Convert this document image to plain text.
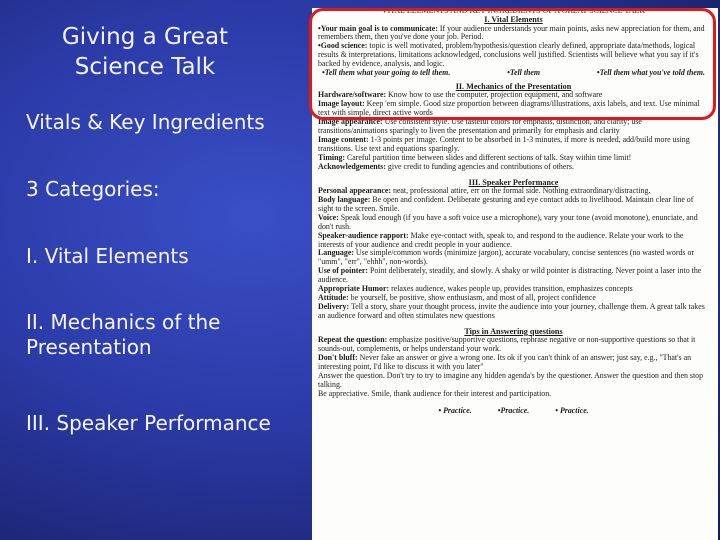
Giving a Great
Science Talk
Vitals & Key Ingredients
3 Categories:
I. Vital Elements
II. Mechanics of the
Presentation
III. Speaker Performance
VITAL ELEMENTS AND KEY INGREDIENTS OF A GREAT SCIENCE TALK
I. Vital Elements

•Your main goal is to communicate: If your audience understands your main points, asks new appreciation for them, and remembers them, then you've done your job. Period.

•Good science: topic is well motivated, problem/hypothesis/question clearly defined, appropriate data/methods, logical results & interpretations, limitations acknowledged, conclusions well justified. Scientists will believe what you say if it's backed by evidence, analysis, and logic.

•Tell them what your going to tell them.	•Tell them	•Tell them what you've told them.
II. Mechanics of the Presentation

Hardware/software: Know how to use the computer, projection equipment, and software

Image layout: Keep 'em simple. Good size proportion between diagrams/illustrations, axis labels, and text. Use minimal text with simple, direct active words

Image appearance: Use consistent style. Use tasteful colors for emphasis, distinction, and clarity; use transitions/animations sparingly to liven the presentation and primarily for emphasis and clarity

Image content: 1-3 points per image. Content to be absorbed in 1-3 minutes, if more is needed, add/build more using transitions. Use text and equations sparingly.

Timing: Careful partition time between slides and different sections of talk. Stay within time limit!

Acknowledgements: give credit to funding agencies and contributions of others.

III. Speaker Performance

Personal appearance: neat, professional attire, err on the formal side. Nothing extraordinary/distracting.

Body language: Be open and confident. Deliberate gesturing and eye contact adds to livelihood. Maintain clear line of sight to the screen. Smile.

Voice: Speak loud enough (if you have a soft voice use a microphone), vary your tone (avoid monotone), enunciate, and don't rush.

Speaker-audience rapport: Make eye-contact with, speak to, and respond to the audience. Relate your work to the interests of your audience and credit people in your audience.

Language: Use simple/common words (minimize jargon), accurate vocabulary, concise sentences (no wasted words or "umm", "err", "ehhh", non-words).

Use of pointer: Point deliberately, steadily, and slowly. A shaky or wild pointer is distracting. Never point a laser into the audience.

Appropriate Humor: relaxes audience, wakes people up, provides transition, emphasizes concepts

Attitude: be yourself, be positive, show enthusiasm, and most of all, project confidence

Delivery: Tell a story, share your thought process, invite the audience into your journey, challenge them. A great talk takes an audience forward and often stimulates new questions

Tips in Answering questions

Repeat the question: emphasize positive/supportive questions, rephrase negative or non-supportive questions so that it sounds-out, complements, or helps understand your work.

Don't bluff: Never fake an answer or give a wrong one. Its ok if you can't think of an answer; just say, e.g., "That's an interesting point, I'd like to discuss it with you later"

Answer the question. Don't try to try to imagine any hidden agenda's by the questioner. Answer the question and then stop talking.

Be appreciative. Smile, thank audience for their interest and participation.

• Practice.	•Practice.	• Practice.
